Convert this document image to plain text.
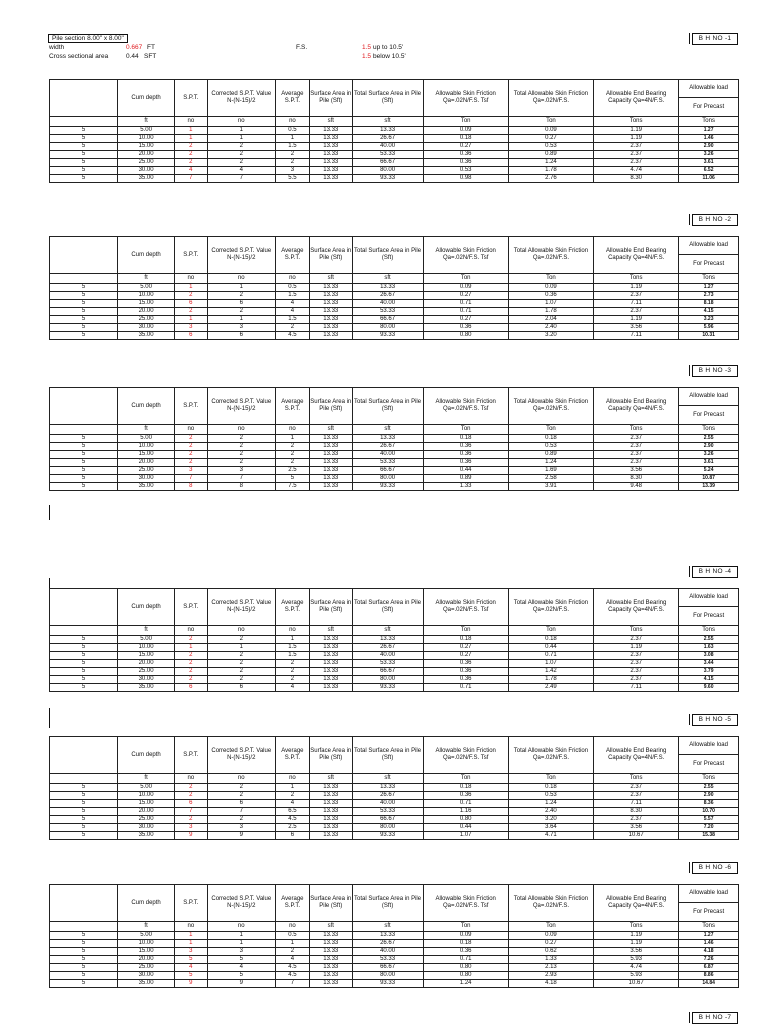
Pile section 8.00" x 8.00"
width	0.667 FT	F.S.	1.5 up to 10.5'
Cross sectional area	0.44 SFT	1.5 below 10.5'
B H NO -1
B H NO -2
B H NO -3
B H NO -4
B H NO -5
B H NO -6
B H NO -7
	Cum depth	S.P.T.	Corrected S.P.T. Value N-(N-15)/2	Average S.P.T.	Surface Area in Pile (Sft)	Total Surface Area in Pile (Sft)	Allowable Skin Friction Qa=.02N/F.S. Tsf	Total Allowable Skin Friction Qa=.02N/F.S.	Allowable End Bearing Capacity Qa=4N/F.S.	Allowable load
										For Precast
	ft	no	no	no	sft	sft	Ton	Ton	Tons	Tons
5	5.00	1	1	0.5	13.33	13.33	0.09	0.09	1.19	1.27
5	10.00	1	1	1	13.33	26.67	0.18	0.27	1.19	1.46
5	15.00	2	2	1.5	13.33	40.00	0.27	0.53	2.37	2.90
5	20.00	2	2	2	13.33	53.33	0.36	0.89	2.37	3.26
5	25.00	2	2	2	13.33	66.67	0.36	1.24	2.37	3.61
5	30.00	4	4	3	13.33	80.00	0.53	1.78	4.74	6.52
5	35.00	7	7	5.5	13.33	93.33	0.98	2.76	8.30	11.06
	Cum depth	S.P.T.	Corrected S.P.T. Value N-(N-15)/2	Average S.P.T.	Surface Area in Pile (Sft)	Total Surface Area in Pile (Sft)	Allowable Skin Friction Qa=.02N/F.S. Tsf	Total Allowable Skin Friction Qa=.02N/F.S.	Allowable End Bearing Capacity Qa=4N/F.S.	Allowable load
										For Precast
	ft	no	no	no	sft	sft	Ton	Ton	Tons	Tons
5	5.00	1	1	0.5	13.33	13.33	0.09	0.09	1.19	1.27
5	10.00	2	2	1.5	13.33	26.67	0.27	0.36	2.37	2.73
5	15.00	6	6	4	13.33	40.00	0.71	1.07	7.11	8.18
5	20.00	2	2	4	13.33	53.33	0.71	1.78	2.37	4.15
5	25.00	1	1	1.5	13.33	66.67	0.27	2.04	1.19	3.23
5	30.00	3	3	2	13.33	80.00	0.36	2.40	3.56	5.96
5	35.00	6	6	4.5	13.33	93.33	0.80	3.20	7.11	10.31
	Cum depth	S.P.T.	Corrected S.P.T. Value N-(N-15)/2	Average S.P.T.	Surface Area in Pile (Sft)	Total Surface Area in Pile (Sft)	Allowable Skin Friction Qa=.02N/F.S. Tsf	Total Allowable Skin Friction Qa=.02N/F.S.	Allowable End Bearing Capacity Qa=4N/F.S.	Allowable load
										For Precast
	ft	no	no	no	sft	sft	Ton	Ton	Tons	Tons
5	5.00	2	2	1	13.33	13.33	0.18	0.18	2.37	2.55
5	10.00	2	2	2	13.33	26.67	0.36	0.53	2.37	2.90
5	15.00	2	2	2	13.33	40.00	0.36	0.89	2.37	3.26
5	20.00	2	2	2	13.33	53.33	0.36	1.24	2.37	3.61
5	25.00	3	3	2.5	13.33	66.67	0.44	1.69	3.56	5.24
5	30.00	7	7	5	13.33	80.00	0.89	2.58	8.30	10.87
5	35.00	8	8	7.5	13.33	93.33	1.33	3.91	9.48	13.39
	Cum depth	S.P.T.	Corrected S.P.T. Value N-(N-15)/2	Average S.P.T.	Surface Area in Pile (Sft)	Total Surface Area in Pile (Sft)	Allowable Skin Friction Qa=.02N/F.S. Tsf	Total Allowable Skin Friction Qa=.02N/F.S.	Allowable End Bearing Capacity Qa=4N/F.S.	Allowable load
										For Precast
	ft	no	no	no	sft	sft	Ton	Ton	Tons	Tons
5	5.00	2	2	1	13.33	13.33	0.18	0.18	2.37	2.55
5	10.00	1	1	1.5	13.33	26.67	0.27	0.44	1.19	1.63
5	15.00	2	2	1.5	13.33	40.00	0.27	0.71	2.37	3.08
5	20.00	2	2	2	13.33	53.33	0.36	1.07	2.37	3.44
5	25.00	2	2	2	13.33	66.67	0.36	1.42	2.37	3.79
5	30.00	2	2	2	13.33	80.00	0.36	1.78	2.37	4.15
5	35.00	6	6	4	13.33	93.33	0.71	2.49	7.11	9.60
	Cum depth	S.P.T.	Corrected S.P.T. Value N-(N-15)/2	Average S.P.T.	Surface Area in Pile (Sft)	Total Surface Area in Pile (Sft)	Allowable Skin Friction Qa=.02N/F.S. Tsf	Total Allowable Skin Friction Qa=.02N/F.S.	Allowable End Bearing Capacity Qa=4N/F.S.	Allowable load
										For Precast
	ft	no	no	no	sft	sft	Ton	Ton	Tons	Tons
5	5.00	2	2	1	13.33	13.33	0.18	0.18	2.37	2.55
5	10.00	2	2	2	13.33	26.67	0.36	0.53	2.37	2.90
5	15.00	6	6	4	13.33	40.00	0.71	1.24	7.11	8.36
5	20.00	7	7	6.5	13.33	53.33	1.16	2.40	8.30	10.70
5	25.00	2	2	4.5	13.33	66.67	0.80	3.20	2.37	5.57
5	30.00	3	3	2.5	13.33	80.00	0.44	3.64	3.56	7.20
5	35.00	9	9	6	13.33	93.33	1.07	4.71	10.67	15.38
	Cum depth	S.P.T.	Corrected S.P.T. Value N-(N-15)/2	Average S.P.T.	Surface Area in Pile (Sft)	Total Surface Area in Pile (Sft)	Allowable Skin Friction Qa=.02N/F.S. Tsf	Total Allowable Skin Friction Qa=.02N/F.S.	Allowable End Bearing Capacity Qa=4N/F.S.	Allowable load
										For Precast
	ft	no	no	no	sft	sft	Ton	Ton	Tons	Tons
5	5.00	1	1	0.5	13.33	13.33	0.09	0.09	1.19	1.27
5	10.00	1	1	1	13.33	26.67	0.18	0.27	1.19	1.46
5	15.00	3	3	2	13.33	40.00	0.36	0.62	3.56	4.18
5	20.00	5	5	4	13.33	53.33	0.71	1.33	5.93	7.26
5	25.00	4	4	4.5	13.33	66.67	0.80	2.13	4.74	6.87
5	30.00	5	5	4.5	13.33	80.00	0.80	2.93	5.93	8.86
5	35.00	9	9	7	13.33	93.33	1.24	4.18	10.67	14.84
